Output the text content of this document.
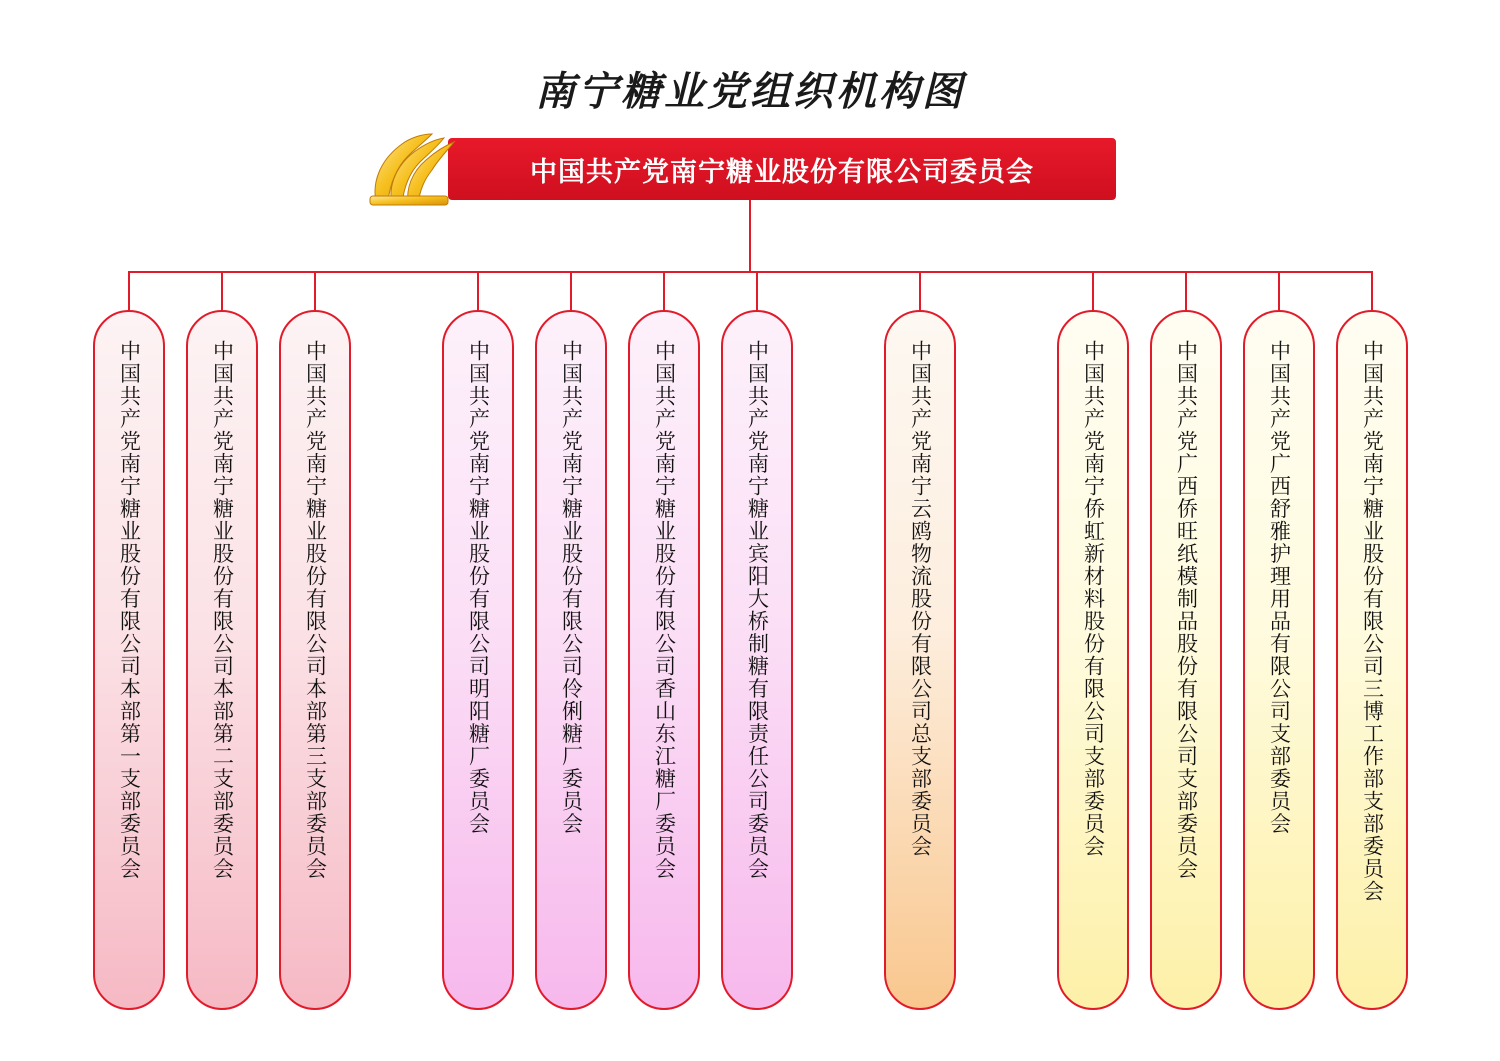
南宁糖业党组织机构图
中国共产党南宁糖业股份有限公司委员会
中国共产党南宁糖业股份有限公司本部第一支部委员会	中国共产党南宁糖业股份有限公司本部第二支部委员会	中国共产党南宁糖业股份有限公司本部第三支部委员会	中国共产党南宁糖业股份有限公司明阳糖厂委员会	中国共产党南宁糖业股份有限公司伶俐糖厂委员会	中国共产党南宁糖业股份有限公司香山东江糖厂委员会	中国共产党南宁糖业宾阳大桥制糖有限责任公司委员会	中国共产党南宁云鸥物流股份有限公司总支部委员会	中国共产党南宁侨虹新材料股份有限公司支部委员会	中国共产党广西侨旺纸模制品股份有限公司支部委员会	中国共产党广西舒雅护理用品有限公司支部委员会	中国共产党南宁糖业股份有限公司三博工作部支部委员会
